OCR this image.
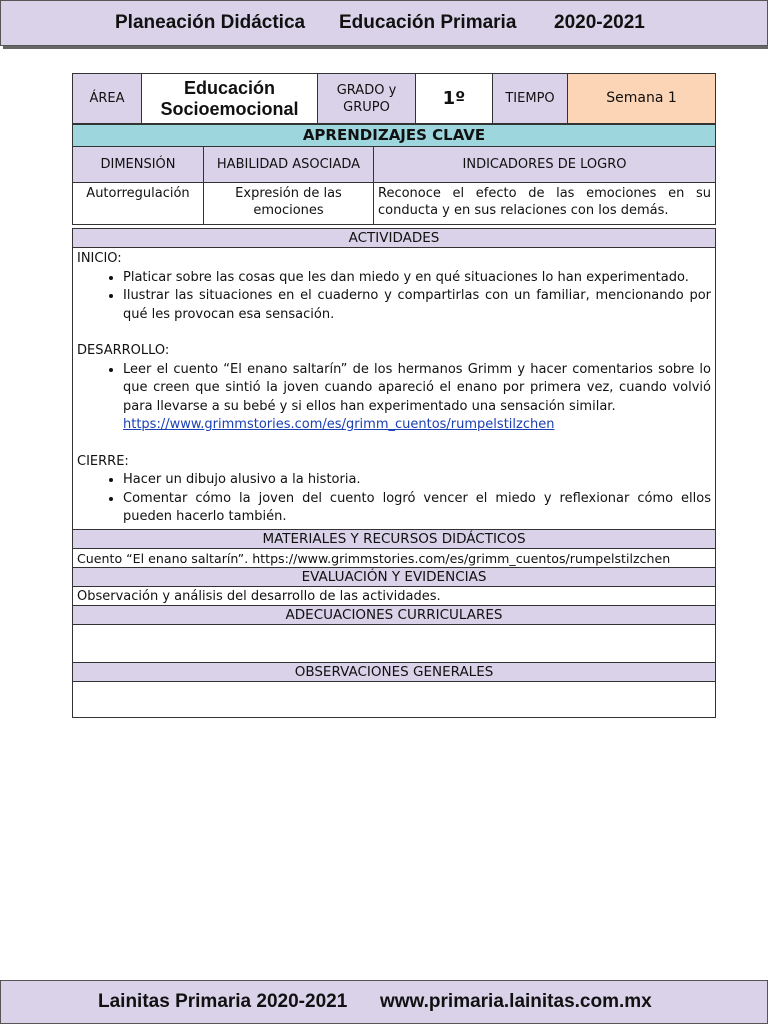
Planeación Didáctica Educación Primaria 2020-2021
ÁREA	Educación Socioemocional	GRADO y GRUPO	1º	TIEMPO	Semana 1
APRENDIZAJES CLAVE		
DIMENSIÓN	HABILIDAD ASOCIADA	INDICADORES DE LOGRO
Autorregulación	Expresión de las emociones	Reconoce el efecto de las emociones en su conducta y en sus relaciones con los demás.
ACTIVIDADES

INICIO:
• Platicar sobre las cosas que les dan miedo y en qué situaciones lo han experimentado.
• Ilustrar las situaciones en el cuaderno y compartirlas con un familiar, mencionando por qué les provocan esa sensación.
DESARROLLO:
• Leer el cuento “El enano saltarín” de los hermanos Grimm y hacer comentarios sobre lo que creen que sintió la joven cuando apareció el enano por primera vez, cuando volvió para llevarse a su bebé y si ellos han experimentado una sensación similar.
https://www.grimmstories.com/es/grimm_cuentos/rumpelstilzchen
CIERRE:
• Hacer un dibujo alusivo a la historia.
• Comentar cómo la joven del cuento logró vencer el miedo y reflexionar cómo ellos pueden hacerlo también.

MATERIALES Y RECURSOS DIDÁCTICOS
Cuento “El enano saltarín”. https://www.grimmstories.com/es/grimm_cuentos/rumpelstilzchen
EVALUACIÓN Y EVIDENCIAS
Observación y análisis del desarrollo de las actividades.
ADECUACIONES CURRICULARES

OBSERVACIONES GENERALES

Lainitas Primaria 2020-2021 www.primaria.lainitas.com.mx
